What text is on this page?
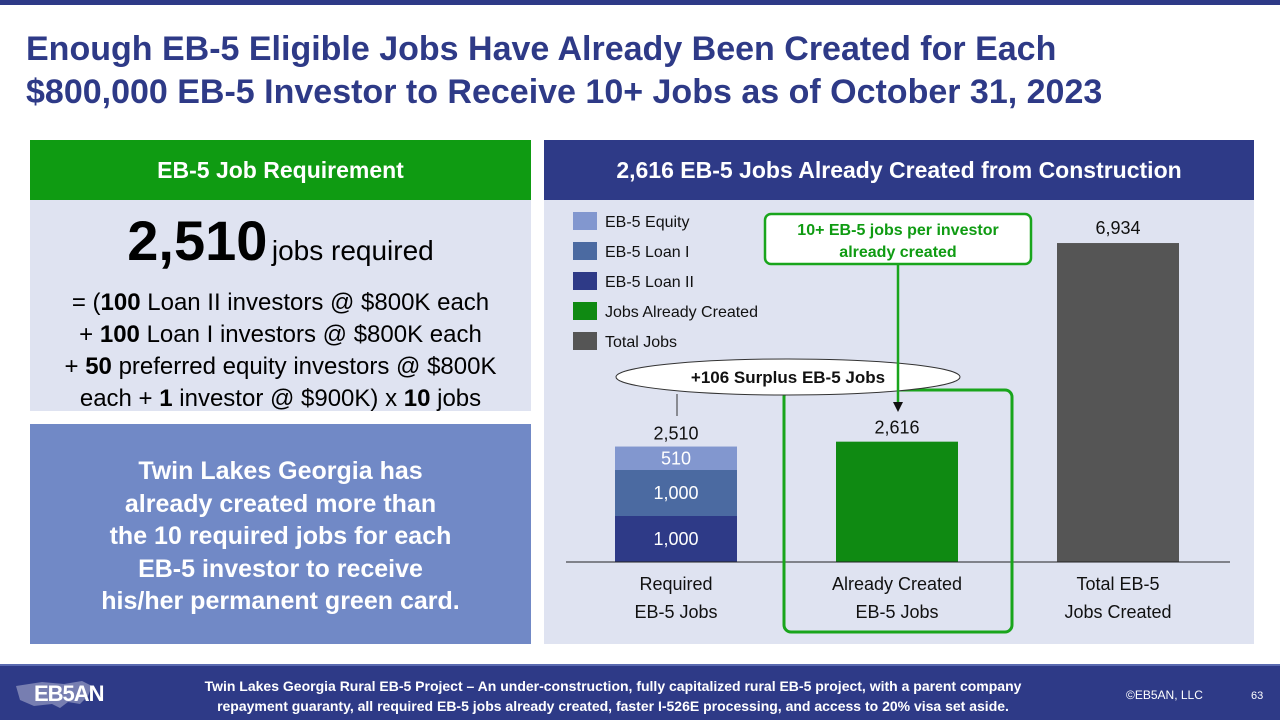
Enough EB-5 Eligible Jobs Have Already Been Created for Each
$800,000 EB-5 Investor to Receive 10+ Jobs as of October 31, 2023
EB-5 Job Requirement
2,510 jobs required
= (100 Loan II investors @ $800K each
+ 100 Loan I investors @ $800K each
+ 50 preferred equity investors @ $800K
each + 1 investor @ $900K) x 10 jobs
Twin Lakes Georgia has
already created more than
the 10 required jobs for each
EB-5 investor to receive
his/her permanent green card.
2,616 EB-5 Jobs Already Created from Construction
EB-5 Equity
EB-5 Loan I
EB-5 Loan II
Jobs Already Created
Total Jobs
1,000
1,000
510
2,510	2,616
6,934
Required
EB-5 Jobs
Already Created
EB-5 Jobs
Total EB-5
Jobs Created
+106 Surplus EB-5 Jobs
10+ EB-5 jobs per investor
already created
EB5AN	Twin Lakes Georgia Rural EB-5 Project – An under-construction, fully capitalized rural EB-5 project, with a parent company
repayment guaranty, all required EB-5 jobs already created, faster I-526E processing, and access to 20% visa set aside.
©EB5AN, LLC	63
